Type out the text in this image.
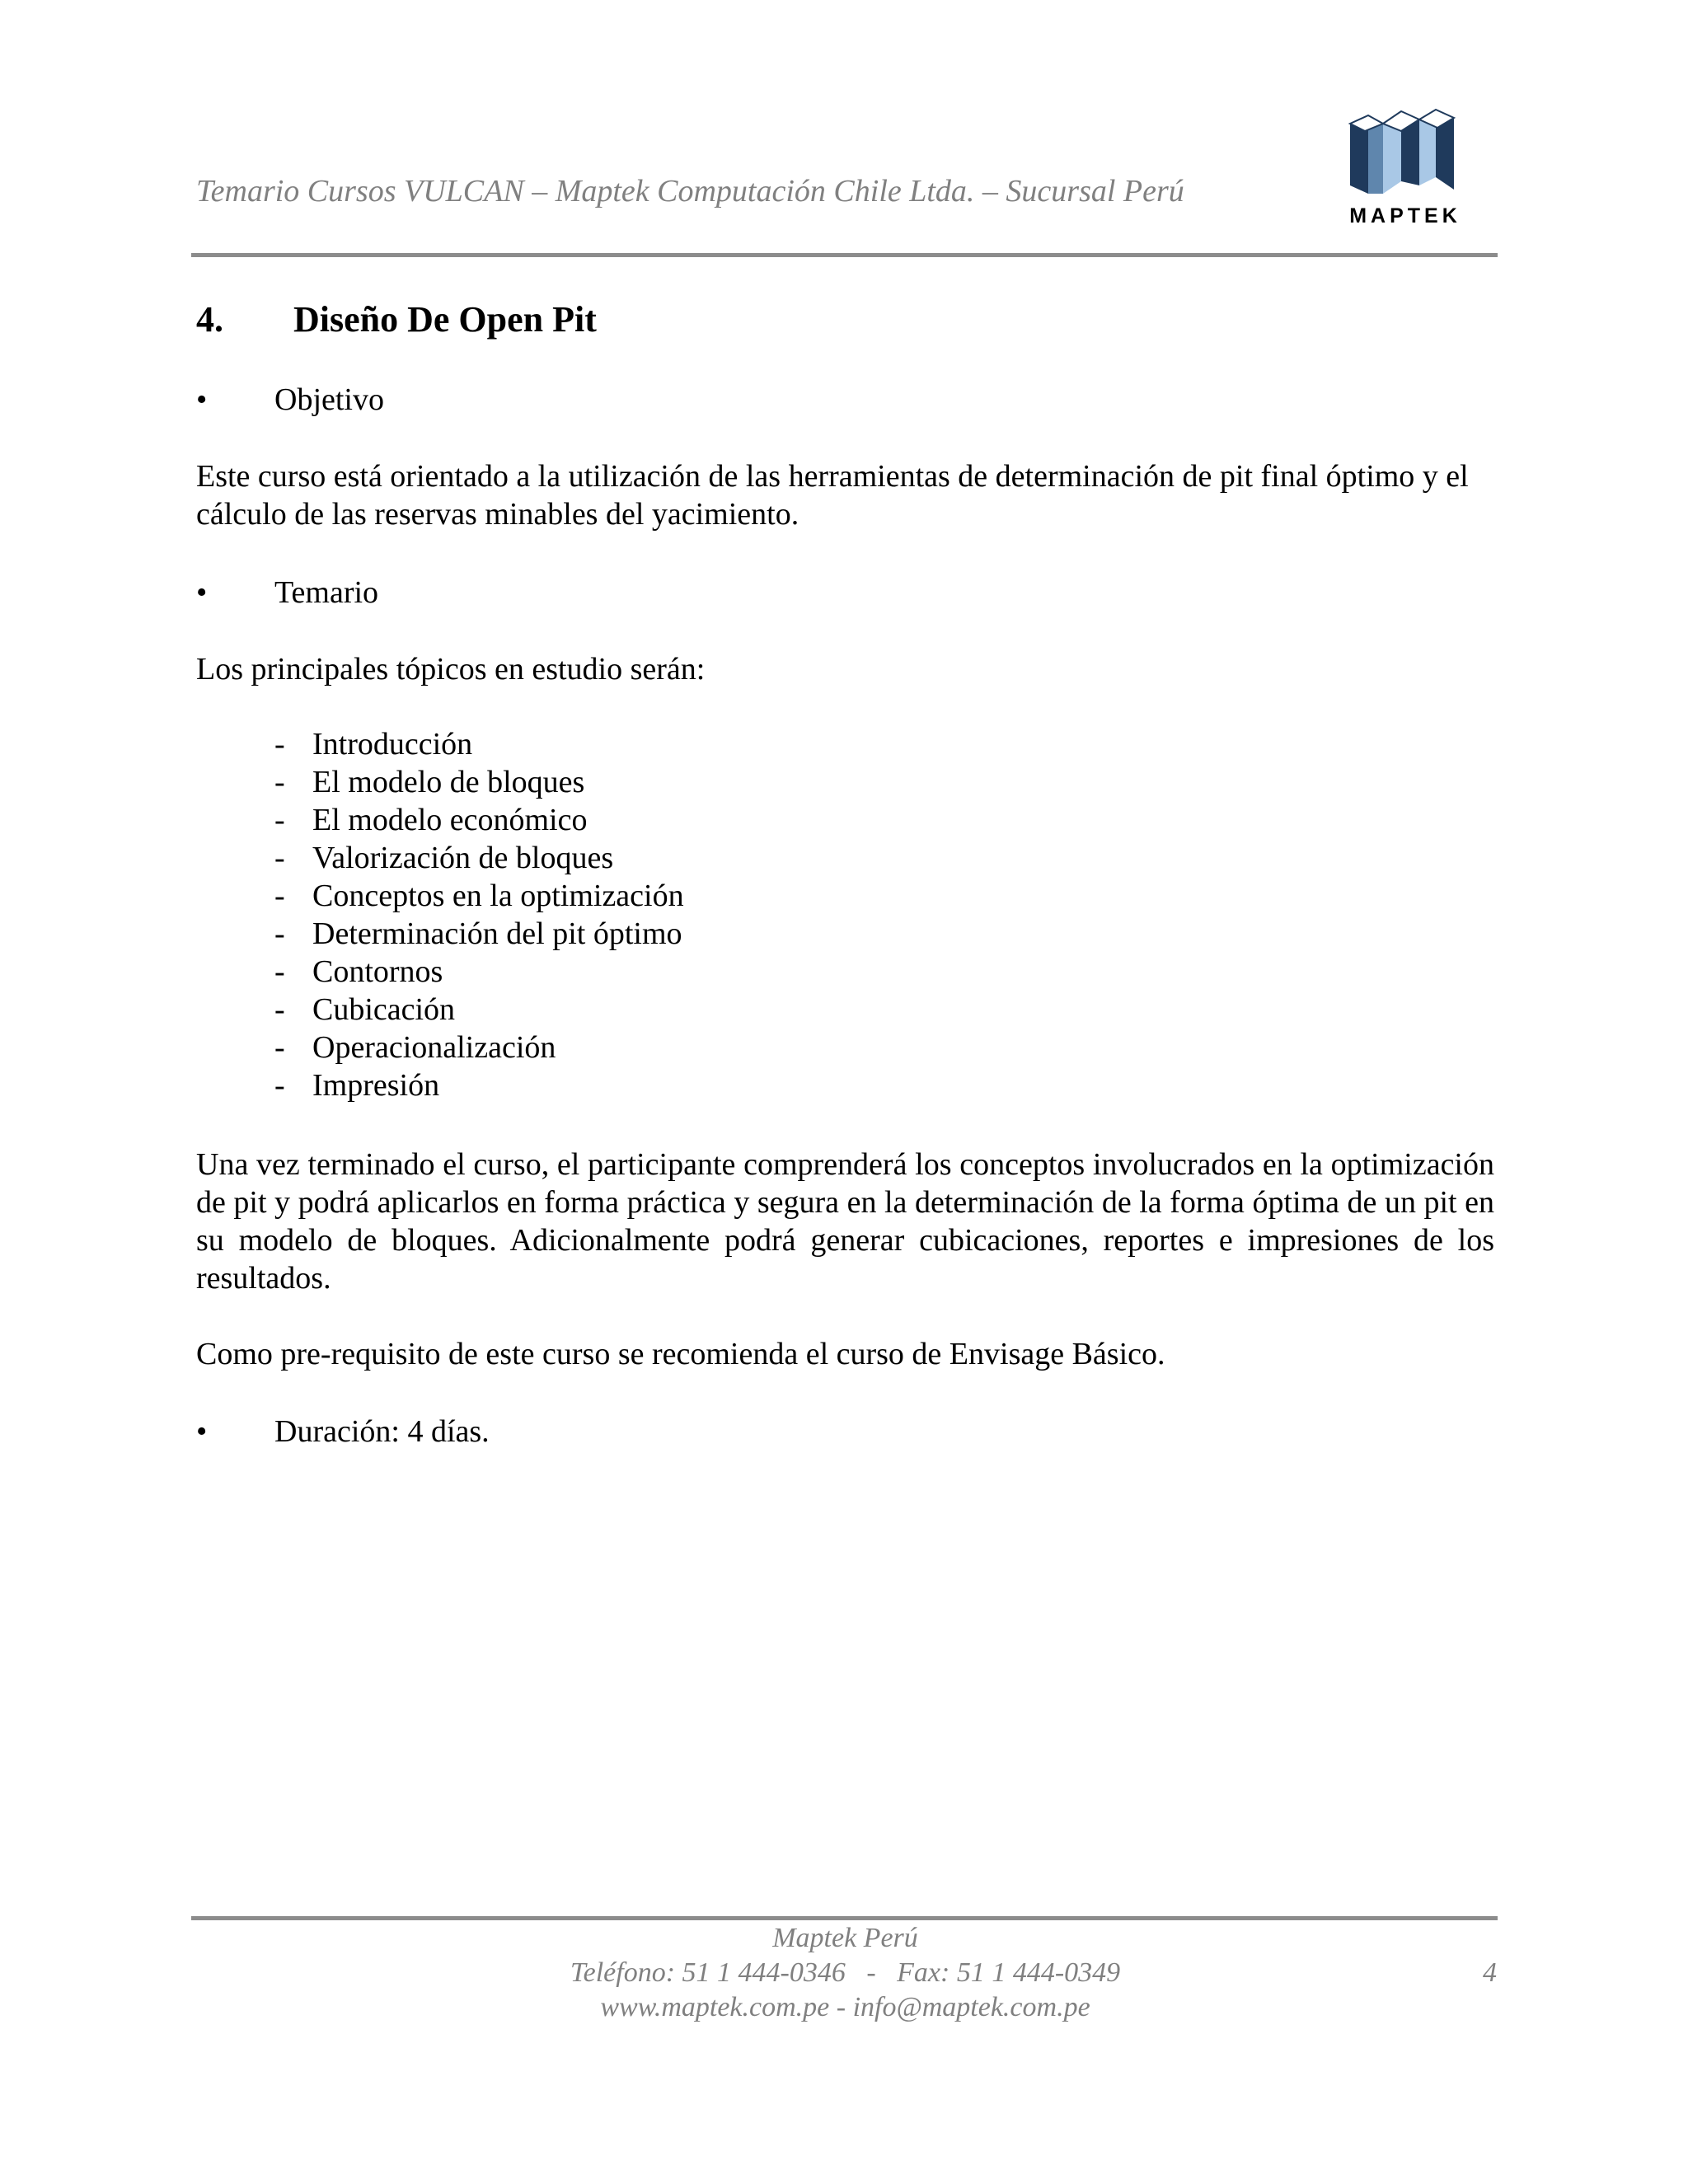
Temario Cursos VULCAN – Maptek Computación Chile Ltda. – Sucursal Perú
MAPTEK
4. Diseño De Open Pit
• Objetivo
Este curso está orientado a la utilización de las herramientas de determinación de pit final óptimo y el cálculo de las reservas minables del yacimiento.
• Temario
Los principales tópicos en estudio serán:
- Introducción
- El modelo de bloques
- El modelo económico
- Valorización de bloques
- Conceptos en la optimización
- Determinación del pit óptimo
- Contornos
- Cubicación
- Operacionalización
- Impresión
Una vez terminado el curso, el participante comprenderá los conceptos involucrados en la optimización de pit y podrá aplicarlos en forma práctica y segura en la determinación de la forma óptima de un pit en su modelo de bloques. Adicionalmente podrá generar cubicaciones, reportes e impresiones de los resultados.
Como pre-requisito de este curso se recomienda el curso de Envisage Básico.
• Duración: 4 días.
Maptek Perú
Teléfono: 51 1 444-0346   -   Fax: 51 1 444-0349
www.maptek.com.pe - info@maptek.com.pe
4
